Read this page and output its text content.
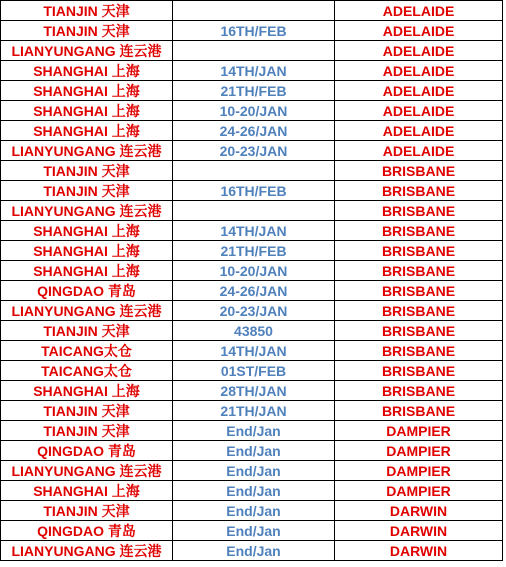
TIANJIN 天津		ADELAIDE
TIANJIN 天津	16TH/FEB	ADELAIDE
LIANYUNGANG 连云港		ADELAIDE
SHANGHAI 上海	14TH/JAN	ADELAIDE
SHANGHAI 上海	21TH/FEB	ADELAIDE
SHANGHAI 上海	10-20/JAN	ADELAIDE
SHANGHAI 上海	24-26/JAN	ADELAIDE
LIANYUNGANG 连云港	20-23/JAN	ADELAIDE
TIANJIN 天津		BRISBANE
TIANJIN 天津	16TH/FEB	BRISBANE
LIANYUNGANG 连云港		BRISBANE
SHANGHAI 上海	14TH/JAN	BRISBANE
SHANGHAI 上海	21TH/FEB	BRISBANE
SHANGHAI 上海	10-20/JAN	BRISBANE
QINGDAO 青岛	24-26/JAN	BRISBANE
LIANYUNGANG 连云港	20-23/JAN	BRISBANE
TIANJIN 天津	43850	BRISBANE
TAICANG太仓	14TH/JAN	BRISBANE
TAICANG太仓	01ST/FEB	BRISBANE
SHANGHAI 上海	28TH/JAN	BRISBANE
TIANJIN 天津	21TH/JAN	BRISBANE
TIANJIN 天津	End/Jan	DAMPIER
QINGDAO 青岛	End/Jan	DAMPIER
LIANYUNGANG 连云港	End/Jan	DAMPIER
SHANGHAI 上海	End/Jan	DAMPIER
TIANJIN 天津	End/Jan	DARWIN
QINGDAO 青岛	End/Jan	DARWIN
LIANYUNGANG 连云港	End/Jan	DARWIN
